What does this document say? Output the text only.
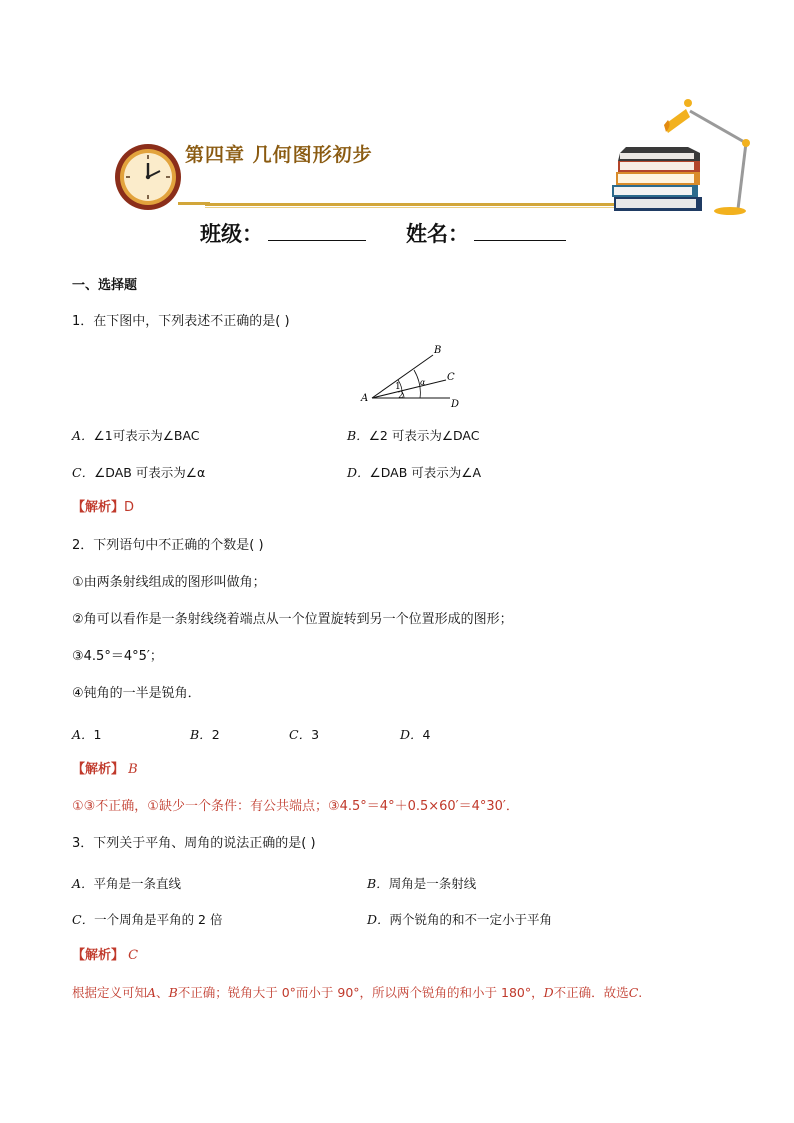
第四章 几何图形初步
班级：	姓名：
一、选择题
1．在下图中，下列表述不正确的是( )
A
B
C
D
1
2
α
A．∠1可表示为∠BAC	B．∠2 可表示为∠DAC
C．∠DAB 可表示为∠α	D．∠DAB 可表示为∠A
【解析】D
2．下列语句中不正确的个数是( )
①由两条射线组成的图形叫做角；
②角可以看作是一条射线绕着端点从一个位置旋转到另一个位置形成的图形；
③4.5°＝4°5′；
④钝角的一半是锐角．
A．1	B．2	C．3	D．4
【解析】 B
①③不正确，①缺少一个条件：有公共端点；③4.5°＝4°＋0.5×60′＝4°30′．
3．下列关于平角、周角的说法正确的是( )
A．平角是一条直线	B．周角是一条射线
C．一个周角是平角的 2 倍	D．两个锐角的和不一定小于平角
【解析】 C
根据定义可知A、B不正确；锐角大于 0°而小于 90°，所以两个锐角的和小于 180°，D不正确．故选C.
